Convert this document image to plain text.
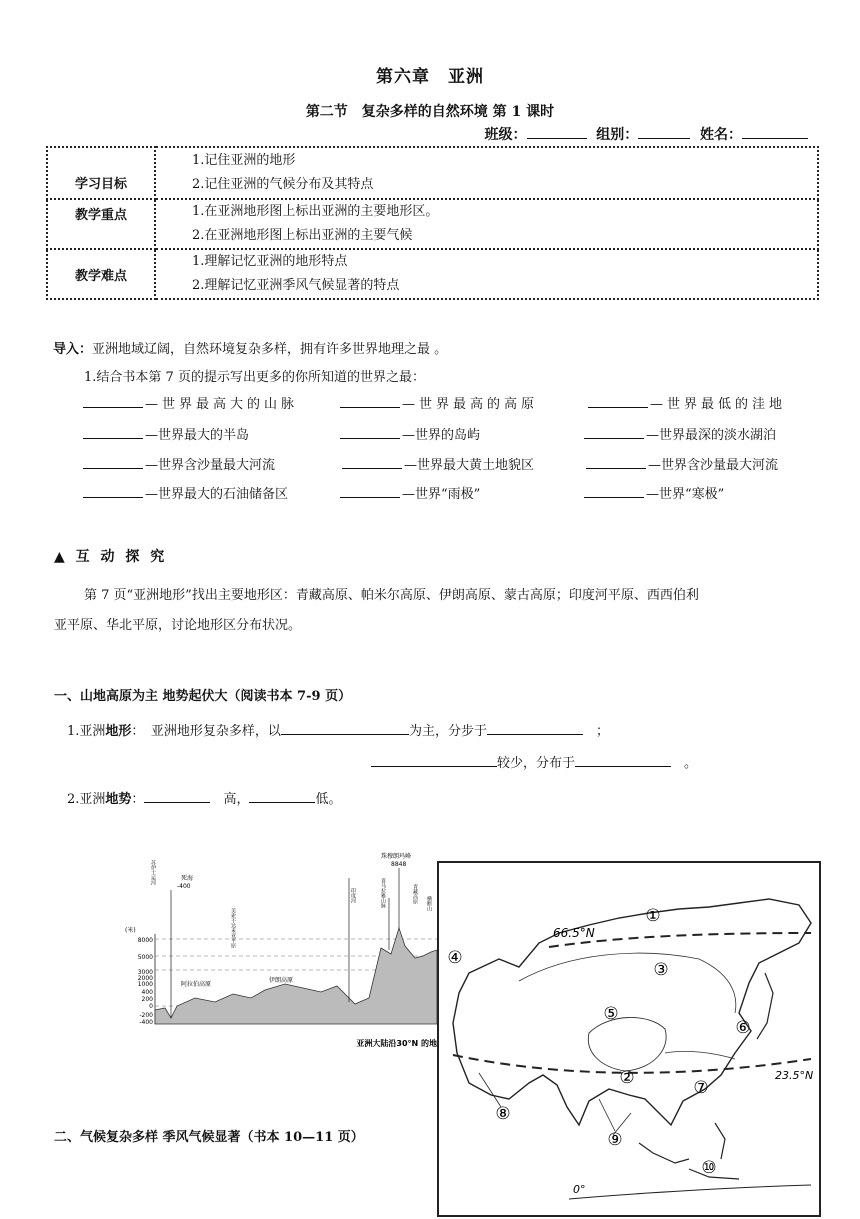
第六章　亚洲
第二节　复杂多样的自然环境 第 1 课时
班级：	组别：	姓名：
学习目标	1.记住亚洲的地形
2.记住亚洲的气候分布及其特点

教学重点	1.在亚洲地形图上标出亚洲的主要地形区。
2.在亚洲地形图上标出亚洲的主要气候

教学难点	1.理解记忆亚洲的地形特点
2.理解记忆亚洲季风气候显著的特点
导入：亚洲地域辽阔，自然环境复杂多样，拥有许多世界地理之最 。
1.结合书本第 7 页的提示写出更多的你所知道的世界之最：
—世界最高大的山脉	—世界最高的高原	—世界最低的洼地
—世界最大的半岛	—世界的岛屿	—世界最深的淡水湖泊
—世界含沙量最大河流	—世界最大黄土地貌区	—世界含沙量最大河流
—世界最大的石油储备区	—世界“雨极”	—世界“寒极”
▲ 互 动 探 究
第 7 页“亚洲地形”找出主要地形区：青藏高原、帕米尔高原、伊朗高原、蒙古高原；印度河平原、西西伯利
亚平原、华北平原，讨论地形区分布状况。
一、山地高原为主 地势起伏大（阅读书本 7-9 页）
1.亚洲地形：　亚洲地形复杂多样，以	为主，分步于	　；
较少，分布于	　。
2.亚洲地势：	　高，	低。
(米)
8000
5000
3000
2000
1000
400
200
0
-200
-400
死海
-400
阿拉伯高原
伊朗高原
珠穆朗玛峰
8848
印度河	喜马拉雅山脉	青藏高原 横断山
美索不达米亚平原
苏伊士运河
亚洲大陆沿30°N 的地
66.5°N
23.5°N
0°
①
②
③
④
⑤
⑥
⑦
⑧
⑨
⑩
二、气候复杂多样 季风气候显著（书本 10—11 页）
